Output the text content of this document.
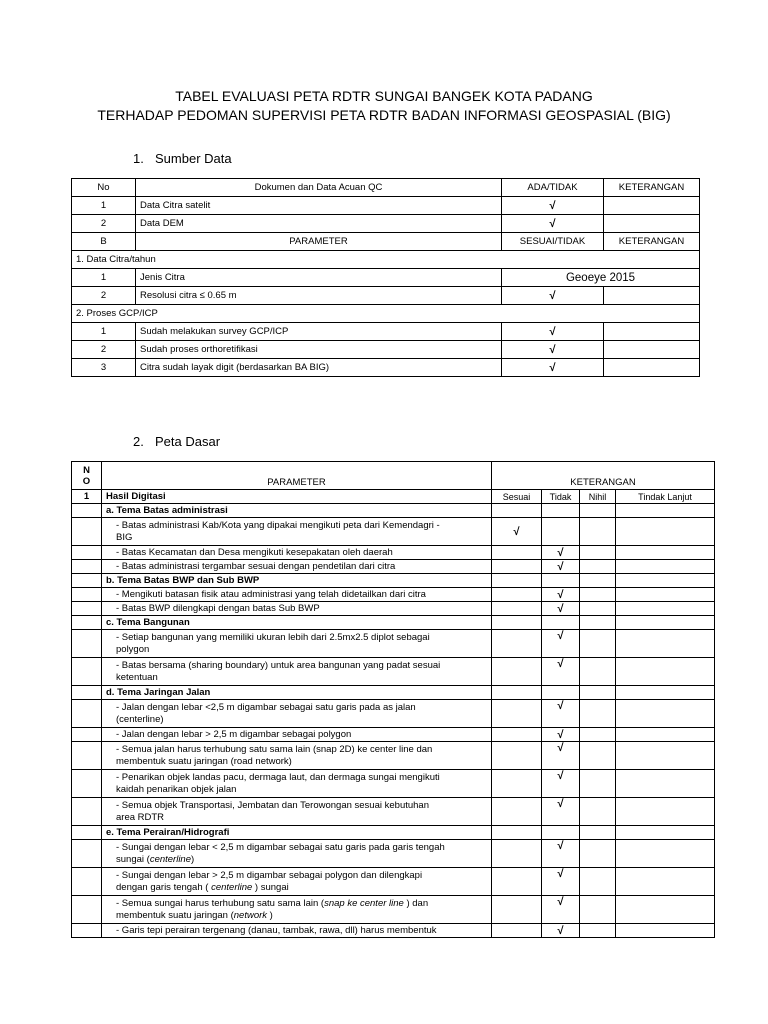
TABEL EVALUASI PETA RDTR SUNGAI BANGEK KOTA PADANG
TERHADAP PEDOMAN SUPERVISI PETA RDTR BADAN INFORMASI GEOSPASIAL (BIG)
1. Sumber Data
No	Dokumen dan Data Acuan QC	ADA/TIDAK	KETERANGAN
1	Data Citra satelit	√	
2	Data DEM	√	
B	PARAMETER	SESUAI/TIDAK	KETERANGAN
1. Data Citra/tahun			
1	Jenis Citra	Geoeye 2015	
2	Resolusi citra ≤ 0.65 m	√	
2. Proses GCP/ICP			
1	Sudah melakukan survey GCP/ICP	√	
2	Sudah proses orthoretifikasi	√	
3	Citra sudah layak digit (berdasarkan BA BIG)	√	
2. Peta Dasar
N
O	PARAMETER	KETERANGAN			
1	Hasil Digitasi	Sesuai	Tidak	Nihil	Tindak Lanjut
	a. Tema Batas administrasi				
	- Batas administrasi Kab/Kota yang dipakai mengikuti peta dari Kemendagri -
BIG	√			
	- Batas Kecamatan dan Desa mengikuti kesepakatan oleh daerah		√		
	- Batas administrasi tergambar sesuai dengan pendetilan dari citra		√		
	b. Tema Batas BWP dan Sub BWP				
	- Mengikuti batasan fisik atau administrasi yang telah didetailkan dari citra		√		
	- Batas BWP dilengkapi dengan batas Sub BWP		√		
	c. Tema Bangunan				
	- Setiap bangunan yang memiliki ukuran lebih dari 2.5mx2.5 diplot sebagai
polygon		√		
	- Batas bersama (sharing boundary) untuk area bangunan yang padat sesuai
ketentuan		√		
	d. Tema Jaringan Jalan				
	- Jalan dengan lebar <2,5 m digambar sebagai satu garis pada as jalan
(centerline)		√		
	- Jalan dengan lebar > 2,5 m digambar sebagai polygon		√		
	- Semua jalan harus terhubung satu sama lain (snap 2D) ke center line dan
membentuk suatu jaringan (road network)		√		
	- Penarikan objek landas pacu, dermaga laut, dan dermaga sungai mengikuti
kaidah penarikan objek jalan		√		
	- Semua objek Transportasi, Jembatan dan Terowongan sesuai kebutuhan
area RDTR		√		
	e. Tema Perairan/Hidrografi				
	- Sungai dengan lebar < 2,5 m digambar sebagai satu garis pada garis tengah
sungai (centerline)		√		
	- Sungai dengan lebar > 2,5 m digambar sebagai polygon dan dilengkapi
dengan garis tengah ( centerline ) sungai		√		
	- Semua sungai harus terhubung satu sama lain (snap ke center line ) dan
membentuk suatu jaringan (network )		√		
	- Garis tepi perairan tergenang (danau, tambak, rawa, dll) harus membentuk		√		
